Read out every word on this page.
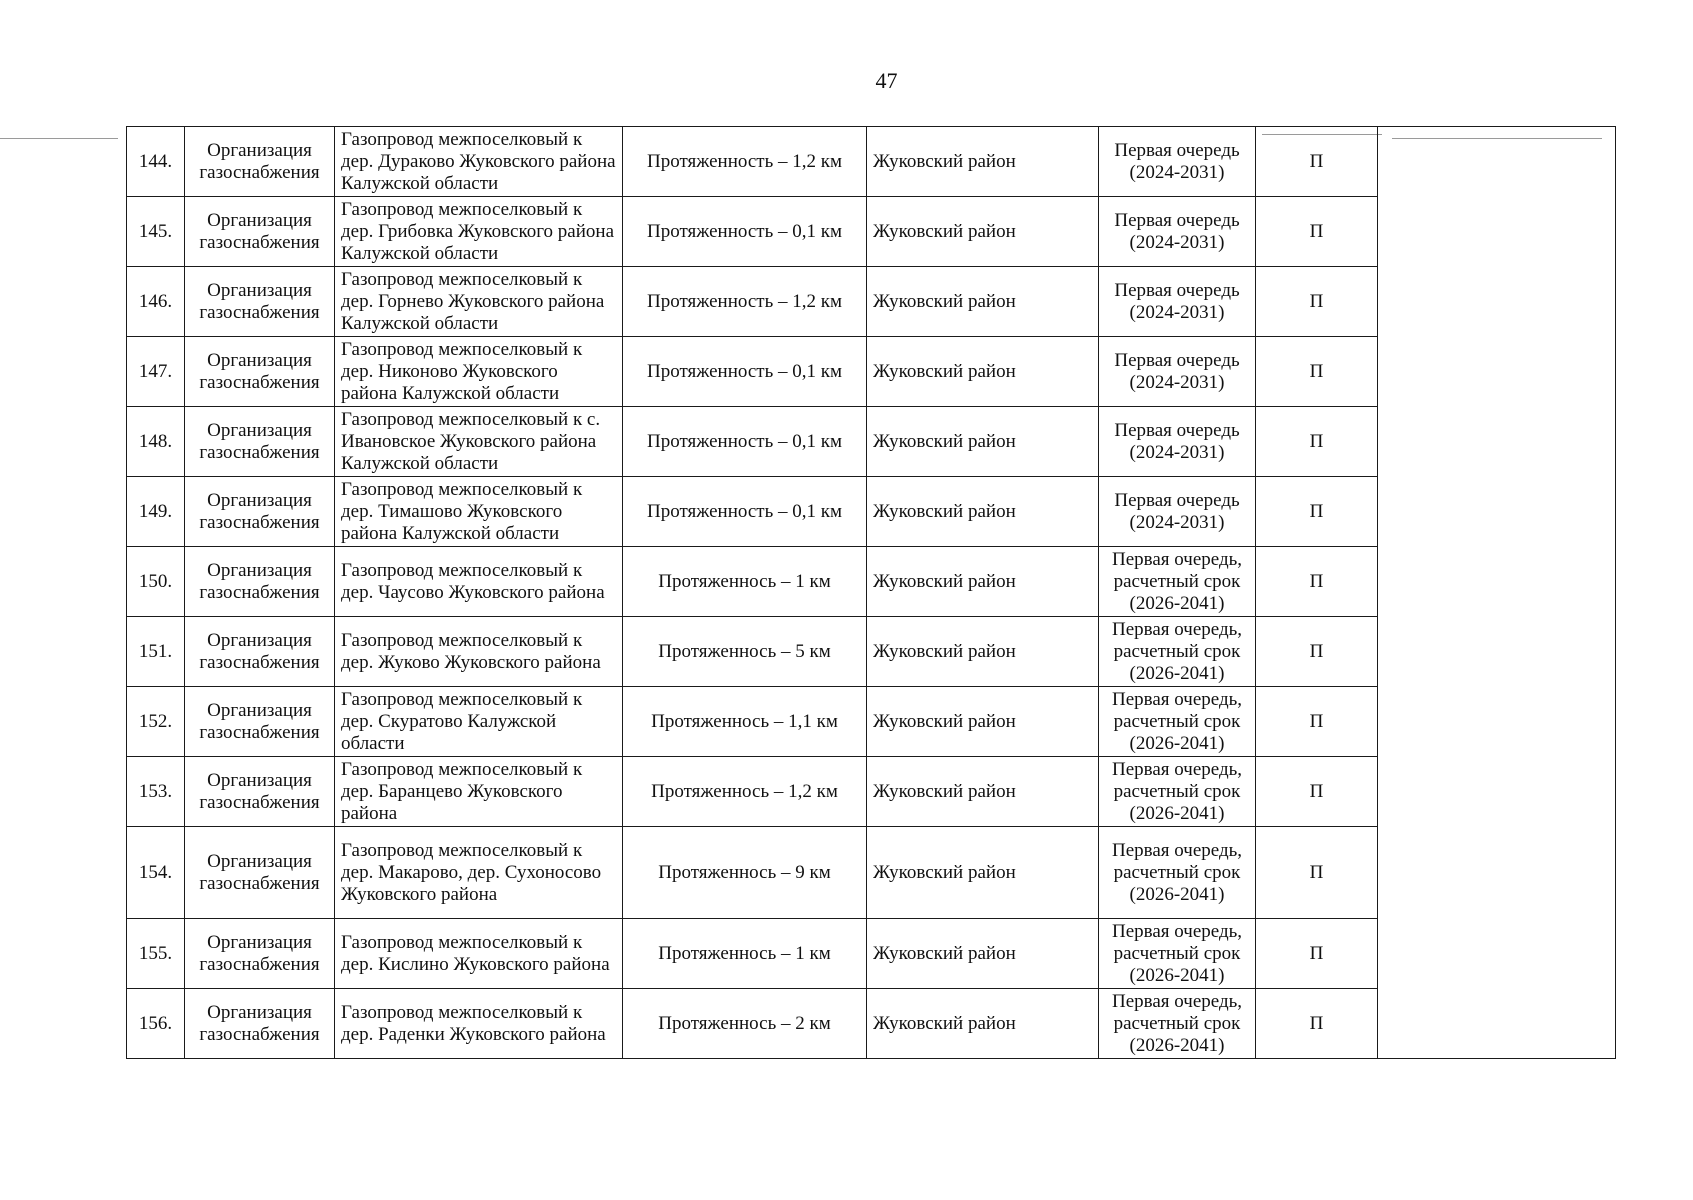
47
144.	Организация газоснабжения	Газопровод межпоселковый к дер. Дураково Жуковского района Калужской области	Протяженность – 1,2 км	Жуковский район	Первая очередь (2024-2031)	П	
145.	Организация газоснабжения	Газопровод межпоселковый к дер. Грибовка Жуковского района Калужской области	Протяженность – 0,1 км	Жуковский район	Первая очередь (2024-2031)	П	
146.	Организация газоснабжения	Газопровод межпоселковый к дер. Горнево Жуковского района Калужской области	Протяженность – 1,2 км	Жуковский район	Первая очередь (2024-2031)	П	
147.	Организация газоснабжения	Газопровод межпоселковый к дер. Никоново Жуковского района Калужской области	Протяженность – 0,1 км	Жуковский район	Первая очередь (2024-2031)	П	
148.	Организация газоснабжения	Газопровод межпоселковый к с. Ивановское Жуковского района Калужской области	Протяженность – 0,1 км	Жуковский район	Первая очередь (2024-2031)	П	
149.	Организация газоснабжения	Газопровод межпоселковый к дер. Тимашово Жуковского района Калужской области	Протяженность – 0,1 км	Жуковский район	Первая очередь (2024-2031)	П	
150.	Организация газоснабжения	Газопровод межпоселковый к дер. Чаусово Жуковского района	Протяженнось – 1 км	Жуковский район	Первая очередь, расчетный срок (2026-2041)	П	
151.	Организация газоснабжения	Газопровод межпоселковый к дер. Жуково Жуковского района	Протяженнось – 5 км	Жуковский район	Первая очередь, расчетный срок (2026-2041)	П	
152.	Организация газоснабжения	Газопровод межпоселковый к дер. Скуратово Калужской области	Протяженнось – 1,1 км	Жуковский район	Первая очередь, расчетный срок (2026-2041)	П	
153.	Организация газоснабжения	Газопровод межпоселковый к дер. Баранцево Жуковского района	Протяженнось – 1,2 км	Жуковский район	Первая очередь, расчетный срок (2026-2041)	П	
154.	Организация газоснабжения	Газопровод межпоселковый к дер. Макарово, дер. Сухоносово Жуковского района	Протяженнось – 9 км	Жуковский район	Первая очередь, расчетный срок (2026-2041)	П	
155.	Организация газоснабжения	Газопровод межпоселковый к дер. Кислино Жуковского района	Протяженнось – 1 км	Жуковский район	Первая очередь, расчетный срок (2026-2041)	П	
156.	Организация газоснабжения	Газопровод межпоселковый к дер. Раденки Жуковского района	Протяженнось – 2 км	Жуковский район	Первая очередь, расчетный срок (2026-2041)	П	
